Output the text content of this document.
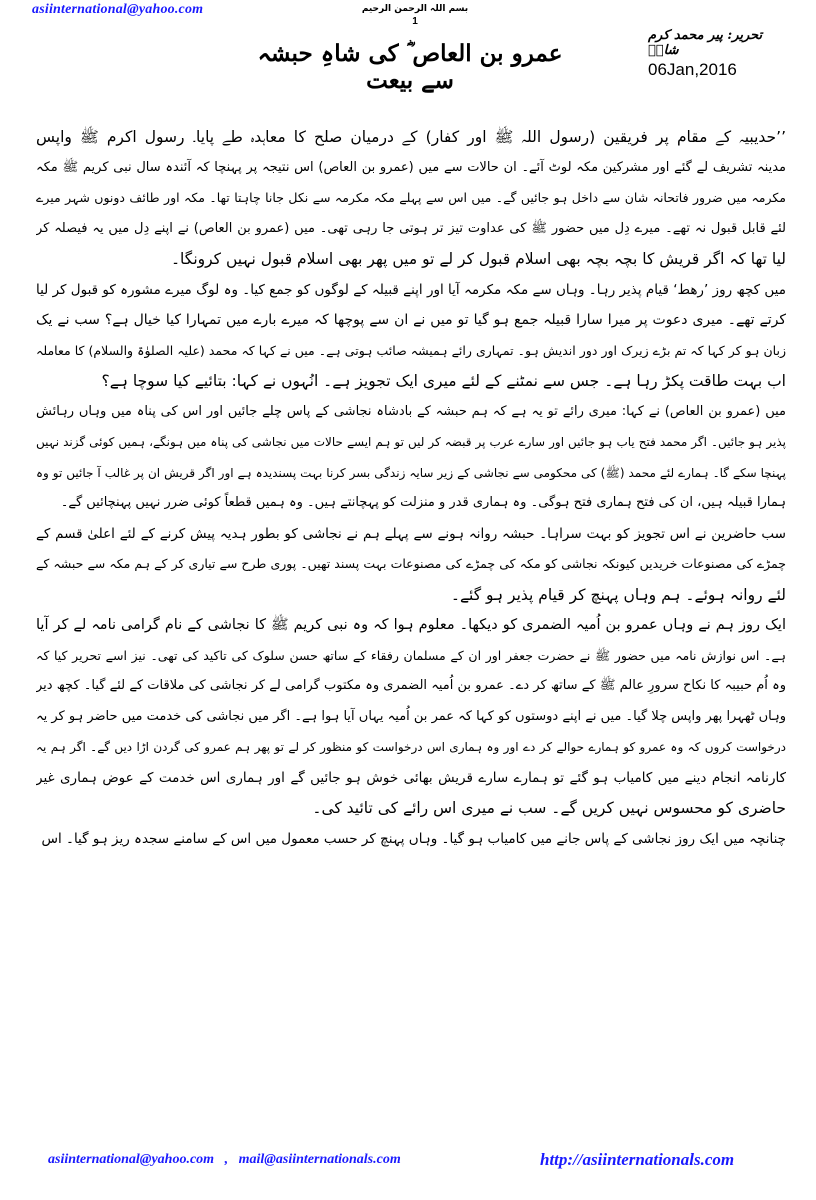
asiinternational@yahoo.com	بسم اللہ الرحمن الرحیم
1
عمرو بن العاص ؓ کی شاہِ حبشہ سے بیعت
تحریر: پیر محمد کرم شاہؒ
06Jan,2016
’’حدیبیہ کے مقام پر فریقین (رسول اللہ ﷺ اور کفار) کے درمیان صلح کا معاہدہ طے پایا۔ رسول اکرم ﷺ واپس
مدینہ تشریف لے گئے اور مشرکین مکہ لوٹ آئے۔ ان حالات سے میں (عمرو بن العاص) اس نتیجہ پر پہنچا کہ آئندہ سال نبی کریم ﷺ مکہ
مکرمہ میں ضرور فاتحانہ شان سے داخل ہو جائیں گے۔ میں اس سے پہلے مکہ مکرمہ سے نکل جانا چاہتا تھا۔ مکہ اور طائف دونوں شہر میرے
لئے قابل قبول نہ تھے۔ میرے دِل میں حضور ﷺ کی عداوت تیز تر ہوتی جا رہی تھی۔ میں (عمرو بن العاص) نے اپنے دِل میں یہ فیصلہ کر
لیا تھا کہ اگر قریش کا بچہ بچہ بھی اسلام قبول کر لے تو میں پھر بھی اسلام قبول نہیں کرونگا۔
میں کچھ روز ’رھط‘ قیام پذیر رہا۔ وہاں سے مکہ مکرمہ آیا اور اپنے قبیلہ کے لوگوں کو جمع کیا۔ وہ لوگ میرے مشورہ کو قبول کر لیا
کرتے تھے۔ میری دعوت پر میرا سارا قبیلہ جمع ہو گیا تو میں نے ان سے پوچھا کہ میرے بارے میں تمہارا کیا خیال ہے؟ سب نے یک
زبان ہو کر کہا کہ تم بڑے زیرک اور دور اندیش ہو۔ تمہاری رائے ہمیشہ صائب ہوتی ہے۔ میں نے کہا کہ محمد (علیہ الصلوٰۃ والسلام) کا معاملہ
اب بہت طاقت پکڑ رہا ہے۔ جس سے نمٹنے کے لئے میری ایک تجویز ہے۔ انُہوں نے کہا: بتائیے کیا سوچا ہے؟
میں (عمرو بن العاص) نے کہا: میری رائے تو یہ ہے کہ ہم حبشہ کے بادشاہ نجاشی کے پاس چلے جائیں اور اس کی پناہ میں وہاں رہائش
پذیر ہو جائیں۔ اگر محمد فتح یاب ہو جائیں اور سارے عرب پر قبضہ کر لیں تو ہم ایسے حالات میں نجاشی کی پناہ میں ہونگے، ہمیں کوئی گزند نہیں
پہنچا سکے گا۔ ہمارے لئے محمد (ﷺ) کی محکومی سے نجاشی کے زیر سایہ زندگی بسر کرنا بہت پسندیدہ ہے اور اگر قریش ان پر غالب آ جائیں تو وہ
ہمارا قبیلہ ہیں، ان کی فتح ہماری فتح ہوگی۔ وہ ہماری قدر و منزلت کو پہچانتے ہیں۔ وہ ہمیں قطعاً کوئی ضرر نہیں پہنچائیں گے۔
سب حاضرین نے اس تجویز کو بہت سراہا۔ حبشہ روانہ ہونے سے پہلے ہم نے نجاشی کو بطور ہدیہ پیش کرنے کے لئے اعلیٰ قسم کے
چمڑے کی مصنوعات خریدیں کیونکہ نجاشی کو مکہ کی چمڑے کی مصنوعات بہت پسند تھیں۔ پوری طرح سے تیاری کر کے ہم مکہ سے حبشہ کے
لئے روانہ ہوئے۔ ہم وہاں پہنچ کر قیام پذیر ہو گئے۔
ایک روز ہم نے وہاں عمرو بن اُمیہ الضمری کو دیکھا۔ معلوم ہوا کہ وہ نبی کریم ﷺ کا نجاشی کے نام گرامی نامہ لے کر آیا
ہے۔ اس نوازش نامہ میں حضور ﷺ نے حضرت جعفر اور ان کے مسلمان رفقاء کے ساتھ حسن سلوک کی تاکید کی تھی۔ نیز اسے تحریر کیا کہ
وہ اُم حبیبہ کا نکاح سرورِ عالم ﷺ کے ساتھ کر دے۔ عمرو بن اُمیہ الضمری وہ مکتوب گرامی لے کر نجاشی کی ملاقات کے لئے گیا۔ کچھ دیر
وہاں ٹھہرا پھر واپس چلا گیا۔ میں نے اپنے دوستوں کو کہا کہ عمر بن اُمیہ یہاں آیا ہوا ہے۔ اگر میں نجاشی کی خدمت میں حاضر ہو کر یہ
درخواست کروں کہ وہ عمرو کو ہمارے حوالے کر دے اور وہ ہماری اس درخواست کو منظور کر لے تو پھر ہم عمرو کی گردن اڑا دیں گے۔ اگر ہم یہ
کارنامہ انجام دینے میں کامیاب ہو گئے تو ہمارے سارے قریش بھائی خوش ہو جائیں گے اور ہماری اس خدمت کے عوض ہماری غیر
حاضری کو محسوس نہیں کریں گے۔ سب نے میری اس رائے کی تائید کی۔
چنانچہ میں ایک روز نجاشی کے پاس جانے میں کامیاب ہو گیا۔ وہاں پہنچ کر حسب معمول میں اس کے سامنے سجدہ ریز ہو گیا۔ اس
asiinternational@yahoo.com , mail@asiinternationals.com	http://asiinternationals.com
